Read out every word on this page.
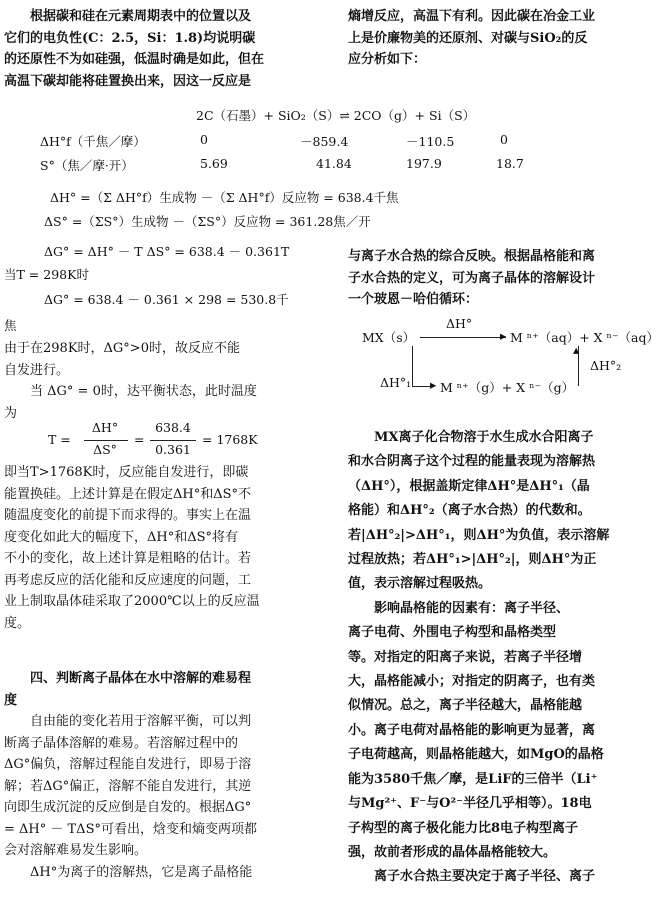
根据碳和硅在元素周期表中的位置以及

它们的电负性(C：2.5，Si：1.8)均说明碳

的还原性不为如硅强，低温时确是如此，但在

高温下碳却能将硅置换出来，因这一反应是

熵增反应，高温下有利。因此碳在冶金工业

上是价廉物美的还原剂、对碳与SiO₂的反

应分析如下：

2C（石墨）+ SiO₂（S）⇌ 2CO（g）+ Si（S）
ΔH°f（千焦／摩）	0	－859.4	－110.5	0
S°（焦／摩·开）	5.69	41.84	197.9	18.7
ΔH° =（Σ ΔH°f）生成物 －（Σ ΔH°f）反应物 = 638.4千焦
ΔS° =（ΣS°）生成物 －（ΣS°）反应物 = 361.28焦／开
ΔG° = ΔH° － T ΔS° = 638.4 － 0.361T
当T = 298K时
ΔG° = 638.4 － 0.361 × 298 = 530.8千
焦

由于在298K时，ΔG°>0时，故反应不能

自发进行。

当 ΔG° = 0时，达平衡状态，此时温度

为

T =
ΔH°
ΔS°
=
638.4
0.361
= 1768K

即当T>1768K时，反应能自发进行，即碳

能置换硅。上述计算是在假定ΔH°和ΔS°不

随温度变化的前提下而求得的。事实上在温

度变化如此大的幅度下，ΔH°和ΔS°将有

不小的变化，故上述计算是粗略的估计。若

再考虑反应的活化能和反应速度的问题，工

业上制取晶体硅采取了2000℃以上的反应温

度。

四、判断离子晶体在水中溶解的难易程

度

自由能的变化若用于溶解平衡，可以判

断离子晶体溶解的难易。若溶解过程中的

ΔG°偏负，溶解过程能自发进行，即易于溶

解；若ΔG°偏正，溶解不能自发进行，其逆

向即生成沉淀的反应倒是自发的。根据ΔG°

= ΔH° － TΔS°可看出，焓变和熵变两项都

会对溶解难易发生影响。

ΔH°为离子的溶解热，它是离子晶格能

与离子水合热的综合反映。根据晶格能和离

子水合热的定义，可为离子晶体的溶解设计

一个玻恩－哈伯循环：

MX（s）
ΔH°
▸ M ⁿ⁺（aq）+ X ⁿ⁻（aq）
ΔH°₁
▴
ΔH°₂
▸ M ⁿ⁺（g）+ X ⁿ⁻（g）

MX离子化合物溶于水生成水合阳离子

和水合阴离子这个过程的能量表现为溶解热

（ΔH°），根据盖斯定律ΔH°是ΔH°₁（晶

格能）和ΔH°₂（离子水合热）的代数和。

若|ΔH°₂|>ΔH°₁，则ΔH°为负值，表示溶解

过程放热；若ΔH°₁>|ΔH°₂|，则ΔH°为正

值，表示溶解过程吸热。

影响晶格能的因素有：离子半径、

离子电荷、外围电子构型和晶格类型

等。对指定的阳离子来说，若离子半径增

大，晶格能减小；对指定的阴离子，也有类

似情况。总之，离子半径越大，晶格能越

小。离子电荷对晶格能的影响更为显著，离

子电荷越高，则晶格能越大，如MgO的晶格

能为3580千焦／摩，是LiF的三倍半（Li⁺

与Mg²⁺、F⁻与O²⁻半径几乎相等）。18电

子构型的离子极化能力比8电子构型离子

强，故前者形成的晶体晶格能较大。

离子水合热主要决定于离子半径、离子
